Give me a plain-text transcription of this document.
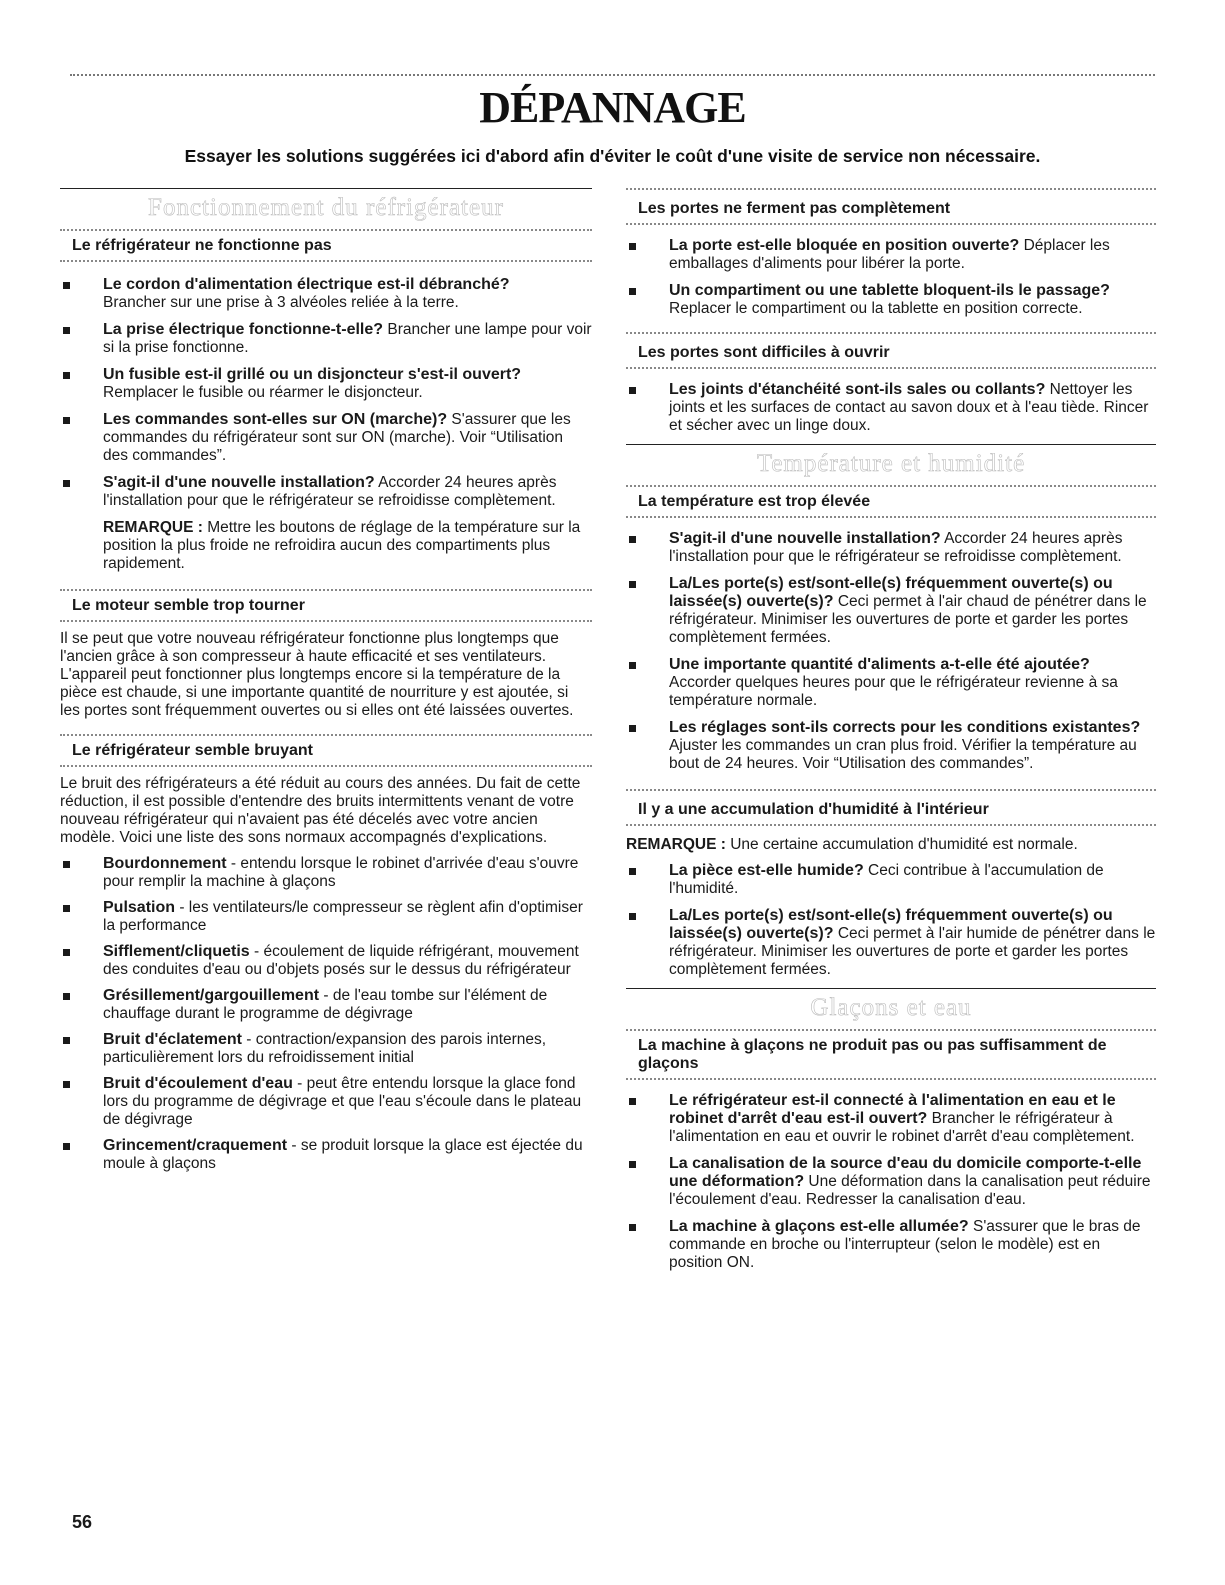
DÉPANNAGE
Essayer les solutions suggérées ici d'abord afin d'éviter le coût d'une visite de service non nécessaire.
Fonctionnement du réfrigérateur
Le réfrigérateur ne fonctionne pas
Le cordon d'alimentation électrique est-il débranché?
Brancher sur une prise à 3 alvéoles reliée à la terre.
La prise électrique fonctionne-t-elle? Brancher une lampe pour voir si la prise fonctionne.
Un fusible est-il grillé ou un disjoncteur s'est-il ouvert?
Remplacer le fusible ou réarmer le disjoncteur.
Les commandes sont-elles sur ON (marche)? S'assurer que les commandes du réfrigérateur sont sur ON (marche). Voir “Utilisation des commandes”.
S'agit-il d'une nouvelle installation? Accorder 24 heures après l'installation pour que le réfrigérateur se refroidisse complètement.

REMARQUE : Mettre les boutons de réglage de la température sur la position la plus froide ne refroidira aucun des compartiments plus rapidement.

Le moteur semble trop tourner

Il se peut que votre nouveau réfrigérateur fonctionne plus longtemps que l'ancien grâce à son compresseur à haute efficacité et ses ventilateurs. L'appareil peut fonctionner plus longtemps encore si la température de la pièce est chaude, si une importante quantité de nourriture y est ajoutée, si les portes sont fréquemment ouvertes ou si elles ont été laissées ouvertes.

Le réfrigérateur semble bruyant

Le bruit des réfrigérateurs a été réduit au cours des années. Du fait de cette réduction, il est possible d'entendre des bruits intermittents venant de votre nouveau réfrigérateur qui n'avaient pas été décelés avec votre ancien modèle. Voici une liste des sons normaux accompagnés d'explications.

Bourdonnement - entendu lorsque le robinet d'arrivée d'eau s'ouvre pour remplir la machine à glaçons
Pulsation - les ventilateurs/le compresseur se règlent afin d'optimiser la performance
Sifflement/cliquetis - écoulement de liquide réfrigérant, mouvement des conduites d'eau ou d'objets posés sur le dessus du réfrigérateur
Grésillement/gargouillement - de l'eau tombe sur l'élément de chauffage durant le programme de dégivrage
Bruit d'éclatement - contraction/expansion des parois internes, particulièrement lors du refroidissement initial
Bruit d'écoulement d'eau - peut être entendu lorsque la glace fond lors du programme de dégivrage et que l'eau s'écoule dans le plateau de dégivrage
Grincement/craquement - se produit lorsque la glace est éjectée du moule à glaçons
Les portes ne ferment pas complètement
La porte est-elle bloquée en position ouverte? Déplacer les emballages d'aliments pour libérer la porte.
Un compartiment ou une tablette bloquent-ils le passage?
Replacer le compartiment ou la tablette en position correcte.
Les portes sont difficiles à ouvrir
Les joints d'étanchéité sont-ils sales ou collants? Nettoyer les joints et les surfaces de contact au savon doux et à l'eau tiède. Rincer et sécher avec un linge doux.
Température et humidité
La température est trop élevée
S'agit-il d'une nouvelle installation? Accorder 24 heures après l'installation pour que le réfrigérateur se refroidisse complètement.
La/Les porte(s) est/sont-elle(s) fréquemment ouverte(s) ou laissée(s) ouverte(s)? Ceci permet à l'air chaud de pénétrer dans le réfrigérateur. Minimiser les ouvertures de porte et garder les portes complètement fermées.
Une importante quantité d'aliments a-t-elle été ajoutée?
Accorder quelques heures pour que le réfrigérateur revienne à sa température normale.
Les réglages sont-ils corrects pour les conditions existantes? Ajuster les commandes un cran plus froid. Vérifier la température au bout de 24 heures. Voir “Utilisation des commandes”.
Il y a une accumulation d'humidité à l'intérieur

REMARQUE : Une certaine accumulation d'humidité est normale.

La pièce est-elle humide? Ceci contribue à l'accumulation de l'humidité.
La/Les porte(s) est/sont-elle(s) fréquemment ouverte(s) ou laissée(s) ouverte(s)? Ceci permet à l'air humide de pénétrer dans le réfrigérateur. Minimiser les ouvertures de porte et garder les portes complètement fermées.
Glaçons et eau
La machine à glaçons ne produit pas ou pas suffisamment de glaçons
Le réfrigérateur est-il connecté à l'alimentation en eau et le robinet d'arrêt d'eau est-il ouvert? Brancher le réfrigérateur à l'alimentation en eau et ouvrir le robinet d'arrêt d'eau complètement.
La canalisation de la source d'eau du domicile comporte-t-elle une déformation? Une déformation dans la canalisation peut réduire l'écoulement d'eau. Redresser la canalisation d'eau.
La machine à glaçons est-elle allumée? S'assurer que le bras de commande en broche ou l'interrupteur (selon le modèle) est en position ON.
56
